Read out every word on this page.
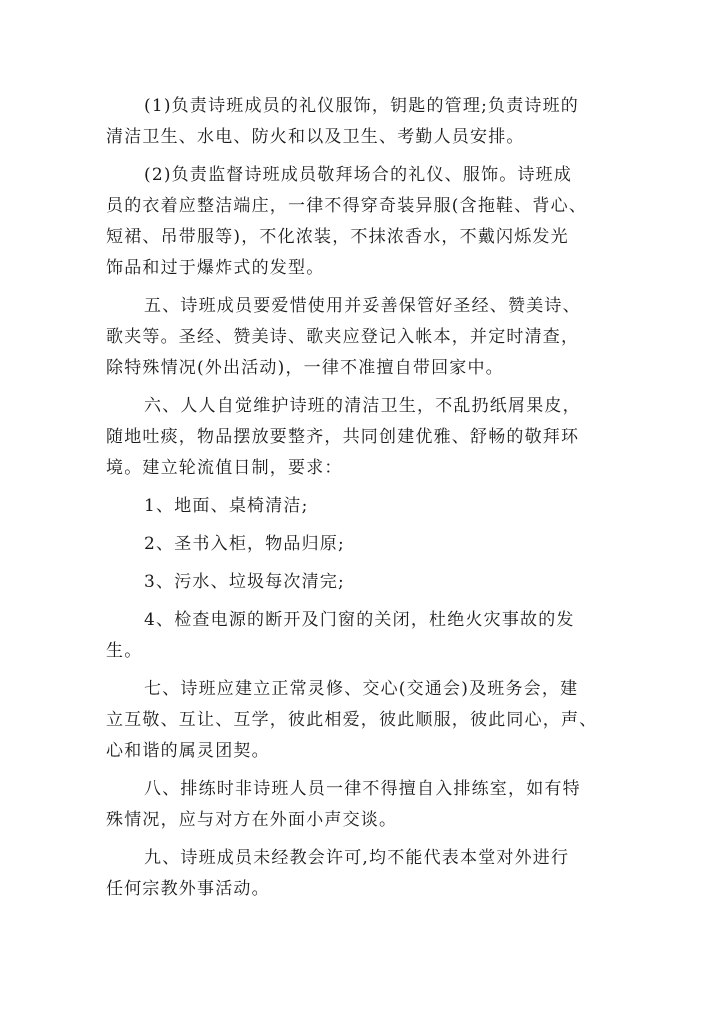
(1)负责诗班成员的礼仪服饰，钥匙的管理;负责诗班的
清洁卫生、水电、防火和以及卫生、考勤人员安排。

(2)负责监督诗班成员敬拜场合的礼仪、服饰。诗班成
员的衣着应整洁端庄，一律不得穿奇装异服(含拖鞋、背心、
短裙、吊带服等)，不化浓装，不抹浓香水，不戴闪烁发光
饰品和过于爆炸式的发型。

五、诗班成员要爱惜使用并妥善保管好圣经、赞美诗、
歌夹等。圣经、赞美诗、歌夹应登记入帐本，并定时清查，
除特殊情况(外出活动)，一律不准擅自带回家中。

六、人人自觉维护诗班的清洁卫生，不乱扔纸屑果皮，
随地吐痰，物品摆放要整齐，共同创建优雅、舒畅的敬拜环
境。建立轮流值日制，要求：

1、地面、桌椅清洁;

2、圣书入柜，物品归原;

3、污水、垃圾每次清完;

4、检查电源的断开及门窗的关闭，杜绝火灾事故的发
生。

七、诗班应建立正常灵修、交心(交通会)及班务会，建
立互敬、互让、互学，彼此相爱，彼此顺服，彼此同心，声、
心和谐的属灵团契。

八、排练时非诗班人员一律不得擅自入排练室，如有特
殊情况，应与对方在外面小声交谈。

九、诗班成员未经教会许可,均不能代表本堂对外进行
任何宗教外事活动。
